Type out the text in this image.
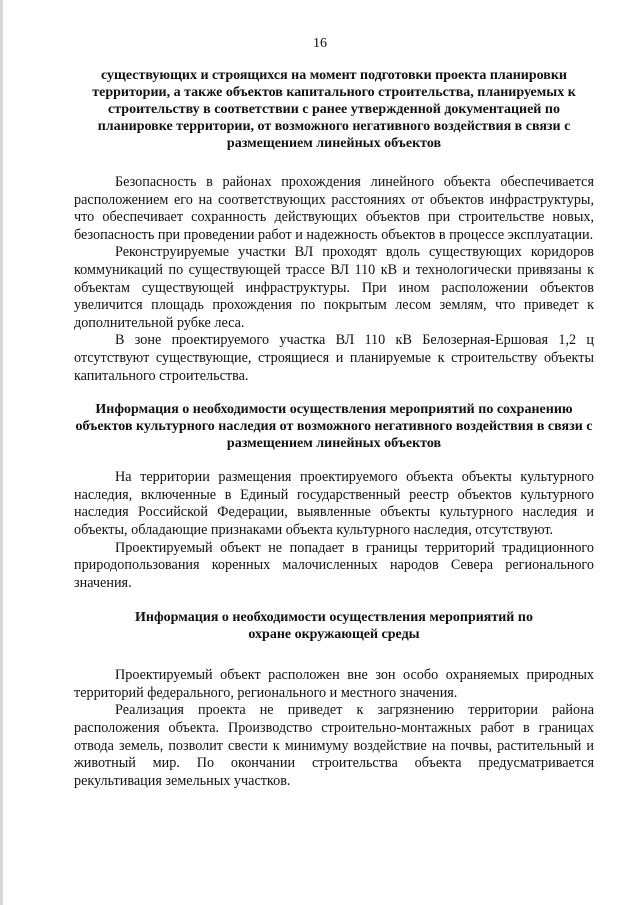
16

существующих и строящихся на момент подготовки проекта планировки территории, а также объектов капитального строительства, планируемых к строительству в соответствии с ранее утвержденной документацией по планировке территории, от возможного негативного воздействия в связи с размещением линейных объектов

Безопасность в районах прохождения линейного объекта обеспечивается расположением его на соответствующих расстояниях от объектов инфраструктуры, что обеспечивает сохранность действующих объектов при строительстве новых, безопасность при проведении работ и надежность объектов в процессе эксплуатации.

Реконструируемые участки ВЛ проходят вдоль существующих коридоров коммуникаций по существующей трассе ВЛ 110 кВ и технологически привязаны к объектам существующей инфраструктуры. При ином расположении объектов увеличится площадь прохождения по покрытым лесом землям, что приведет к дополнительной рубке леса.

В зоне проектируемого участка ВЛ 110 кВ Белозерная-Ершовая 1,2 ц отсутствуют существующие, строящиеся и планируемые к строительству объекты капитального строительства.

Информация о необходимости осуществления мероприятий по сохранению объектов культурного наследия от возможного негативного воздействия в связи с размещением линейных объектов

На территории размещения проектируемого объекта объекты культурного наследия, включенные в Единый государственный реестр объектов культурного наследия Российской Федерации, выявленные объекты культурного наследия и объекты, обладающие признаками объекта культурного наследия, отсутствуют.

Проектируемый объект не попадает в границы территорий традиционного природопользования коренных малочисленных народов Севера регионального значения.

Информация о необходимости осуществления мероприятий по охране окружающей среды

Проектируемый объект расположен вне зон особо охраняемых природных территорий федерального, регионального и местного значения.

Реализация проекта не приведет к загрязнению территории района расположения объекта. Производство строительно-монтажных работ в границах отвода земель, позволит свести к минимуму воздействие на почвы, растительный и животный мир. По окончании строительства объекта предусматривается рекультивация земельных участков.
